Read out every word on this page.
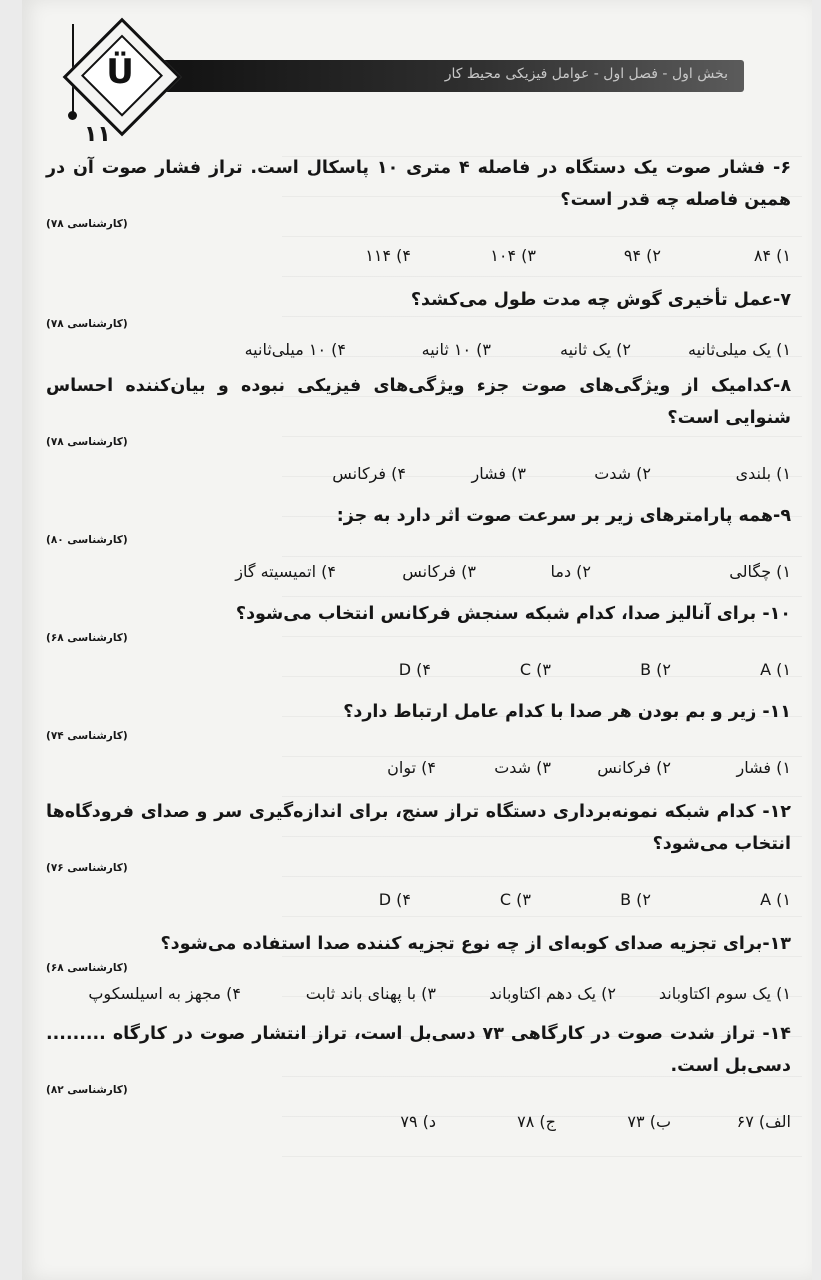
بخش اول - فصل اول - عوامل فیزیکی محیط کار
Ü
۱۱

۶- فشار صوت یک دستگاه در فاصله ۴ متری ۱۰ پاسکال است. تراز فشار صوت آن در همین فاصله چه قدر است؟

(کارشناسی ۷۸)
۱) ۸۴
۲) ۹۴
۳) ۱۰۴
۴) ۱۱۴

۷-عمل تأخیری گوش چه مدت طول می‌کشد؟

(کارشناسی ۷۸)
۱) یک میلی‌ثانیه
۲) یک ثانیه
۳) ۱۰ ثانیه
۴) ۱۰ میلی‌ثانیه

۸-کدامیک از ویژگی‌های صوت جزء ویژگی‌های فیزیکی نبوده و بیان‌کننده احساس شنوایی است؟

(کارشناسی ۷۸)
۱) بلندی
۲) شدت
۳) فشار
۴) فرکانس

۹-همه پارامترهای زیر بر سرعت صوت اثر دارد به جز:

(کارشناسی ۸۰)
۱) چگالی
۲) دما
۳) فرکانس
۴) اتمیسیته گاز

۱۰- برای آنالیز صدا، کدام شبکه سنجش فرکانس انتخاب می‌شود؟

(کارشناسی ۶۸)
۱) A
۲) B
۳) C
۴) D

۱۱- زیر و بم بودن هر صدا با کدام عامل ارتباط دارد؟

(کارشناسی ۷۴)
۱) فشار
۲) فرکانس
۳) شدت
۴) توان

۱۲- کدام شبکه نمونه‌برداری دستگاه تراز سنج، برای اندازه‌گیری سر و صدای فرودگاه‌ها انتخاب می‌شود؟

(کارشناسی ۷۶)
۱) A
۲) B
۳) C
۴) D

۱۳-برای تجزیه صدای کوبه‌ای از چه نوع تجزیه کننده صدا استفاده می‌شود؟

(کارشناسی ۶۸)
۱) یک سوم اکتاوباند
۲) یک دهم اکتاوباند
۳) با پهنای باند ثابت
۴) مجهز به اسیلسکوپ

۱۴- تراز شدت صوت در کارگاهی ۷۳ دسی‌بل است، تراز انتشار صوت در کارگاه ......... دسی‌بل است.

(کارشناسی ۸۲)
الف) ۶۷
ب) ۷۳
ج) ۷۸
د) ۷۹
